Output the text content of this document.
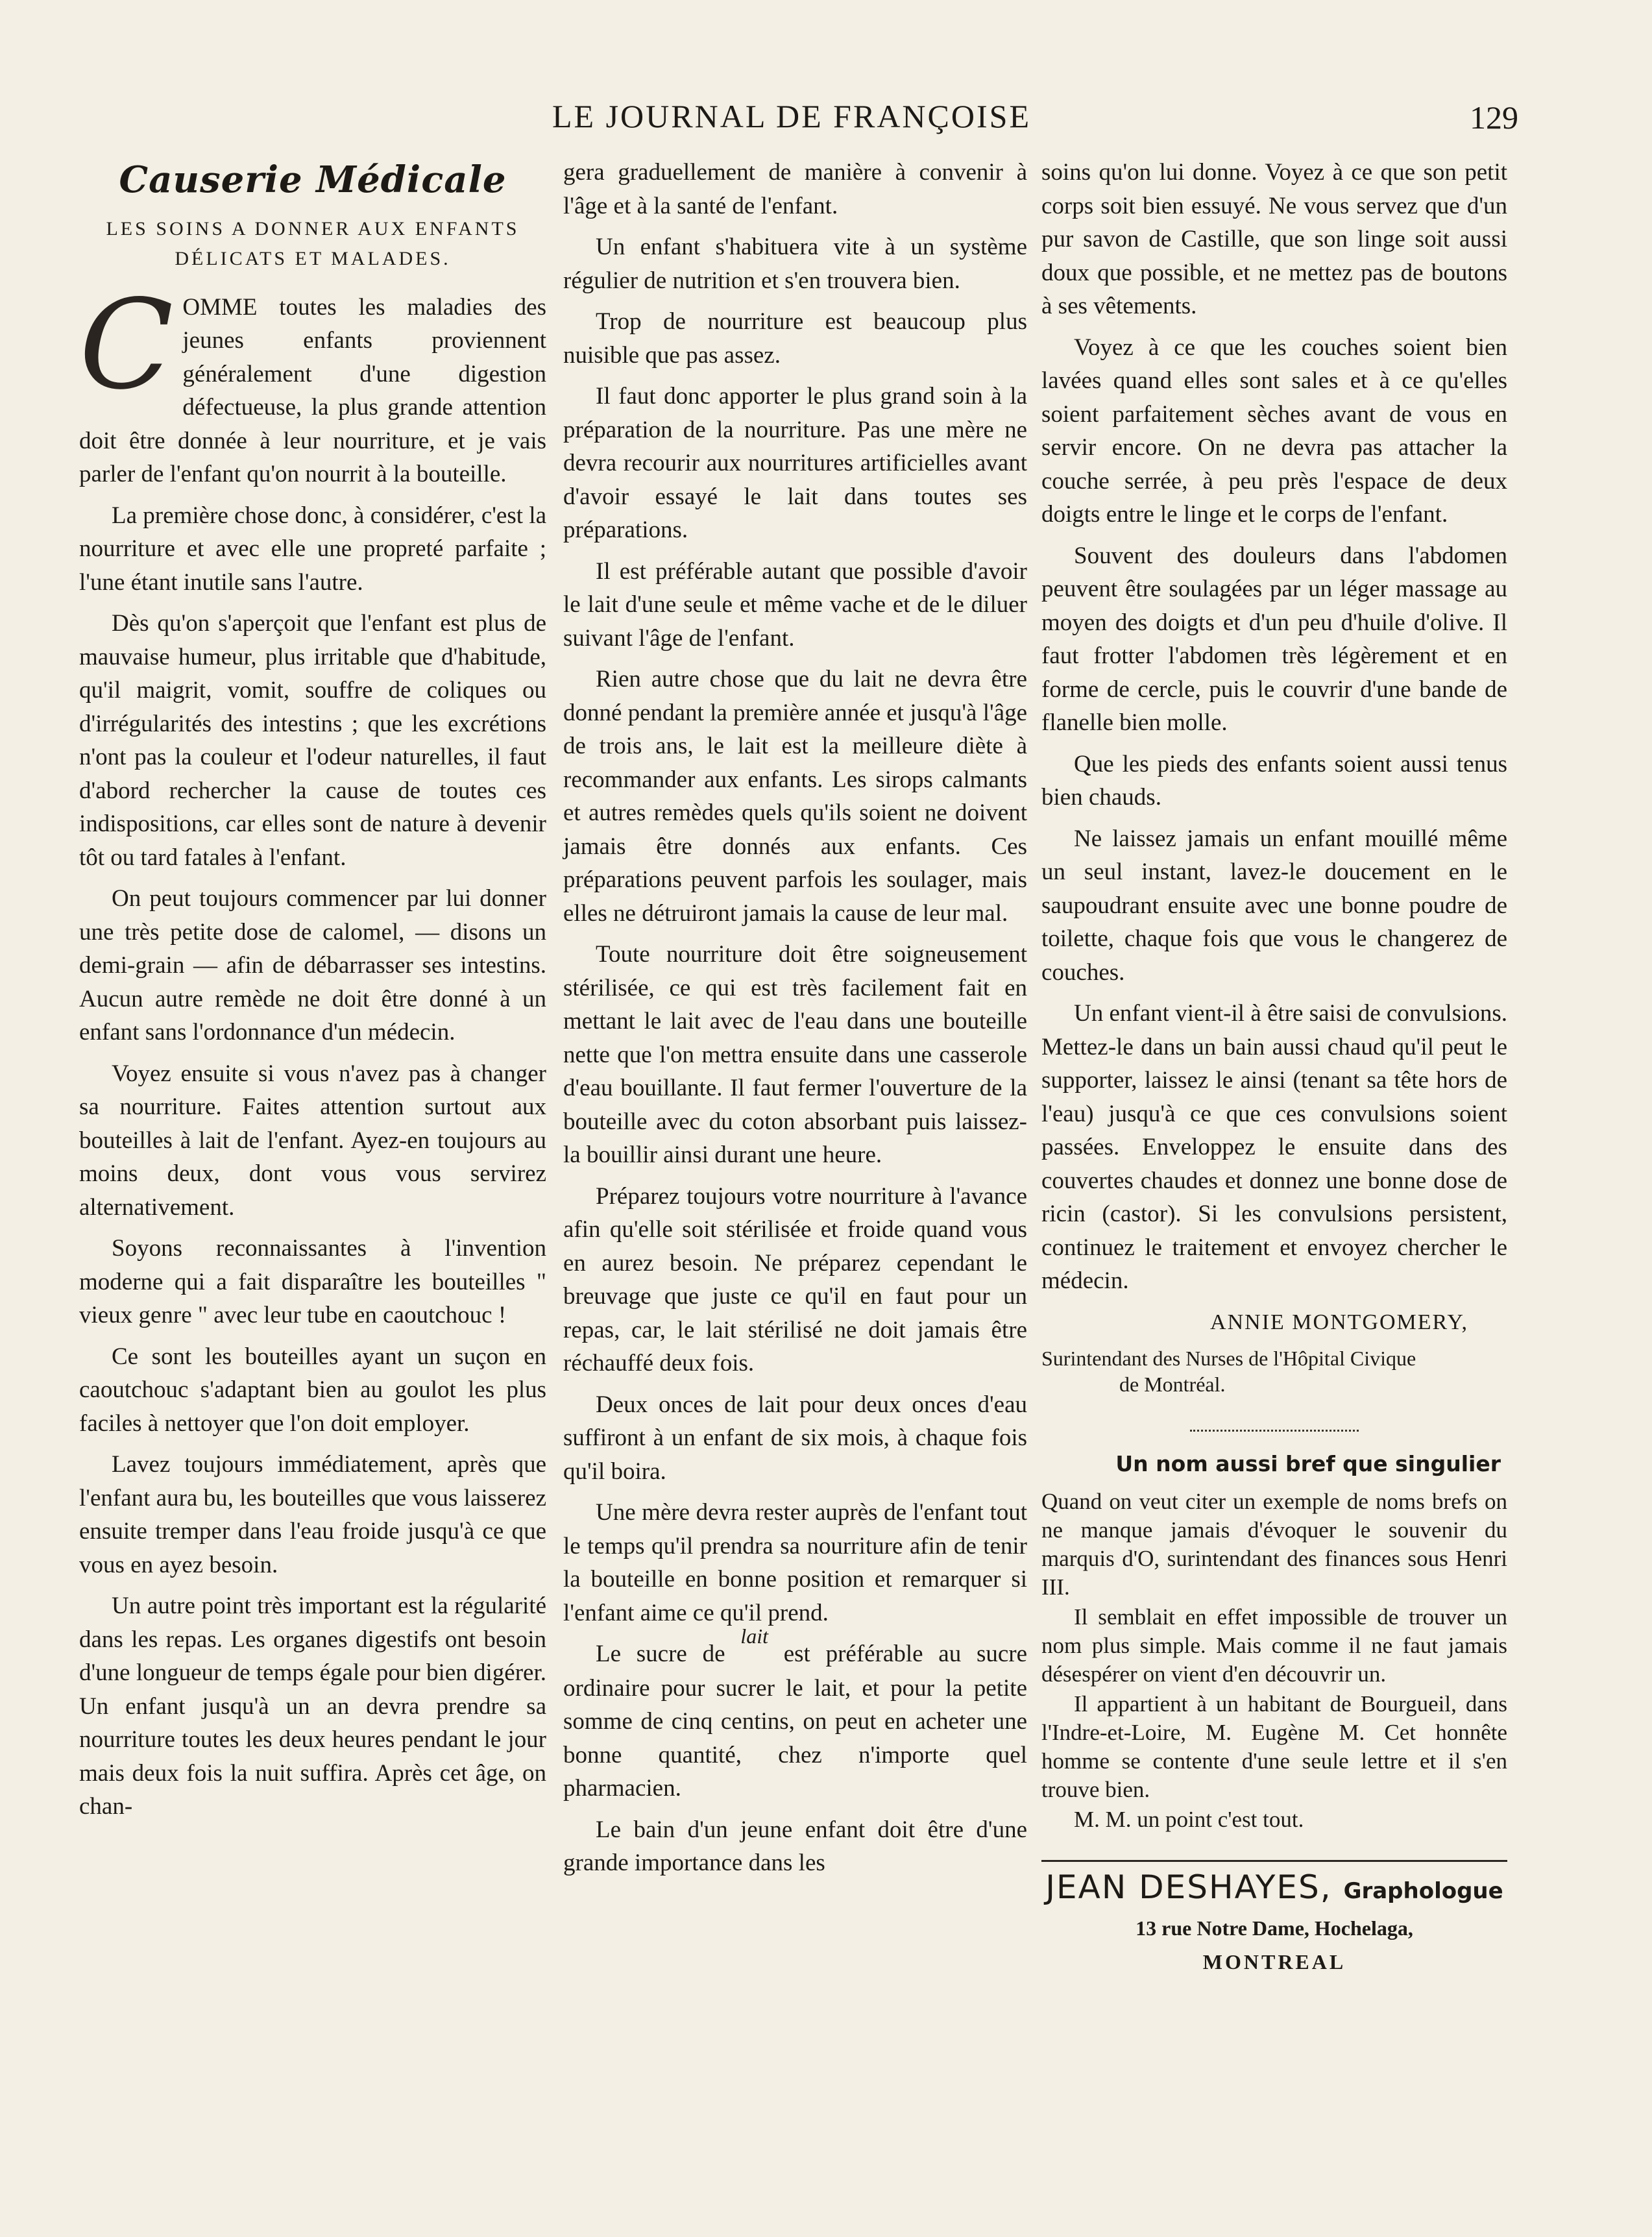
LE JOURNAL DE FRANÇOISE	129
Causerie Médicale
LES SOINS A DONNER AUX ENFANTS DÉLICATS ET MALADES.
C OMME toutes les maladies des jeunes enfants proviennent généralement d'une digestion défectueuse, la plus grande attention doit être donnée à leur nourriture, et je vais parler de l'enfant qu'on nourrit à la bouteille.

La première chose donc, à considérer, c'est la nourriture et avec elle une propreté parfaite ; l'une étant inutile sans l'autre.

Dès qu'on s'aperçoit que l'enfant est plus de mauvaise humeur, plus irritable que d'habitude, qu'il maigrit, vomit, souffre de coliques ou d'irrégularités des intestins ; que les excrétions n'ont pas la couleur et l'odeur naturelles, il faut d'abord rechercher la cause de toutes ces indispositions, car elles sont de nature à devenir tôt ou tard fatales à l'enfant.

On peut toujours commencer par lui donner une très petite dose de calomel, — disons un demi-grain — afin de débarrasser ses intestins. Aucun autre remède ne doit être donné à un enfant sans l'ordonnance d'un médecin.

Voyez ensuite si vous n'avez pas à changer sa nourriture. Faites attention surtout aux bouteilles à lait de l'enfant. Ayez-en toujours au moins deux, dont vous vous servirez alternativement.

Soyons reconnaissantes à l'invention moderne qui a fait disparaître les bouteilles " vieux genre " avec leur tube en caoutchouc !

Ce sont les bouteilles ayant un suçon en caoutchouc s'adaptant bien au goulot les plus faciles à nettoyer que l'on doit employer.

Lavez toujours immédiatement, après que l'enfant aura bu, les bouteilles que vous laisserez ensuite tremper dans l'eau froide jusqu'à ce que vous en ayez besoin.

Un autre point très important est la régularité dans les repas. Les organes digestifs ont besoin d'une longueur de temps égale pour bien digérer. Un enfant jusqu'à un an devra prendre sa nourriture toutes les deux heures pendant le jour mais deux fois la nuit suffira. Après cet âge, on chan-

gera graduellement de manière à convenir à l'âge et à la santé de l'enfant.

Un enfant s'habituera vite à un système régulier de nutrition et s'en trouvera bien.

Trop de nourriture est beaucoup plus nuisible que pas assez.

Il faut donc apporter le plus grand soin à la préparation de la nourriture. Pas une mère ne devra recourir aux nourritures artificielles avant d'avoir essayé le lait dans toutes ses préparations.

Il est préférable autant que possible d'avoir le lait d'une seule et même vache et de le diluer suivant l'âge de l'enfant.

Rien autre chose que du lait ne devra être donné pendant la première année et jusqu'à l'âge de trois ans, le lait est la meilleure diète à recommander aux enfants. Les sirops calmants et autres remèdes quels qu'ils soient ne doivent jamais être donnés aux enfants. Ces préparations peuvent parfois les soulager, mais elles ne détruiront jamais la cause de leur mal.

Toute nourriture doit être soigneusement stérilisée, ce qui est très facilement fait en mettant le lait avec de l'eau dans une bouteille nette que l'on mettra ensuite dans une casserole d'eau bouillante. Il faut fermer l'ouverture de la bouteille avec du coton absorbant puis laissez-la bouillir ainsi durant une heure.

Préparez toujours votre nourriture à l'avance afin qu'elle soit stérilisée et froide quand vous en aurez besoin. Ne préparez cependant le breuvage que juste ce qu'il en faut pour un repas, car, le lait stérilisé ne doit jamais être réchauffé deux fois.

Deux onces de lait pour deux onces d'eau suffiront à un enfant de six mois, à chaque fois qu'il boira.

Une mère devra rester auprès de l'enfant tout le temps qu'il prendra sa nourriture afin de tenir la bouteille en bonne position et remarquer si l'enfant aime ce qu'il prend.

Le sucre de lait est préférable au sucre ordinaire pour sucrer le lait, et pour la petite somme de cinq centins, on peut en acheter une bonne quantité, chez n'importe quel pharmacien.

Le bain d'un jeune enfant doit être d'une grande importance dans les

soins qu'on lui donne. Voyez à ce que son petit corps soit bien essuyé. Ne vous servez que d'un pur savon de Castille, que son linge soit aussi doux que possible, et ne mettez pas de boutons à ses vêtements.

Voyez à ce que les couches soient bien lavées quand elles sont sales et à ce qu'elles soient parfaitement sèches avant de vous en servir encore. On ne devra pas attacher la couche serrée, à peu près l'espace de deux doigts entre le linge et le corps de l'enfant.

Souvent des douleurs dans l'abdomen peuvent être soulagées par un léger massage au moyen des doigts et d'un peu d'huile d'olive. Il faut frotter l'abdomen très légèrement et en forme de cercle, puis le couvrir d'une bande de flanelle bien molle.

Que les pieds des enfants soient aussi tenus bien chauds.

Ne laissez jamais un enfant mouillé même un seul instant, lavez-le doucement en le saupoudrant ensuite avec une bonne poudre de toilette, chaque fois que vous le changerez de couches.

Un enfant vient-il à être saisi de convulsions. Mettez-le dans un bain aussi chaud qu'il peut le supporter, laissez le ainsi (tenant sa tête hors de l'eau) jusqu'à ce que ces convulsions soient passées. Enveloppez le ensuite dans des couvertes chaudes et donnez une bonne dose de ricin (castor). Si les convulsions persistent, continuez le traitement et envoyez chercher le médecin.

ANNIE MONTGOMERY,

Surintendant des Nurses de l'Hôpital Civique
de Montréal.

Un nom aussi bref que singulier

Quand on veut citer un exemple de noms brefs on ne manque jamais d'évoquer le souvenir du marquis d'O, surintendant des finances sous Henri III.

Il semblait en effet impossible de trouver un nom plus simple. Mais comme il ne faut jamais désespérer on vient d'en découvrir un.

Il appartient à un habitant de Bourgueil, dans l'Indre-et-Loire, M. Eugène M. Cet honnête homme se contente d'une seule lettre et il s'en trouve bien.

M. M. un point c'est tout.

JEAN DESHAYES, Graphologue
13 rue Notre Dame, Hochelaga,
MONTREAL
